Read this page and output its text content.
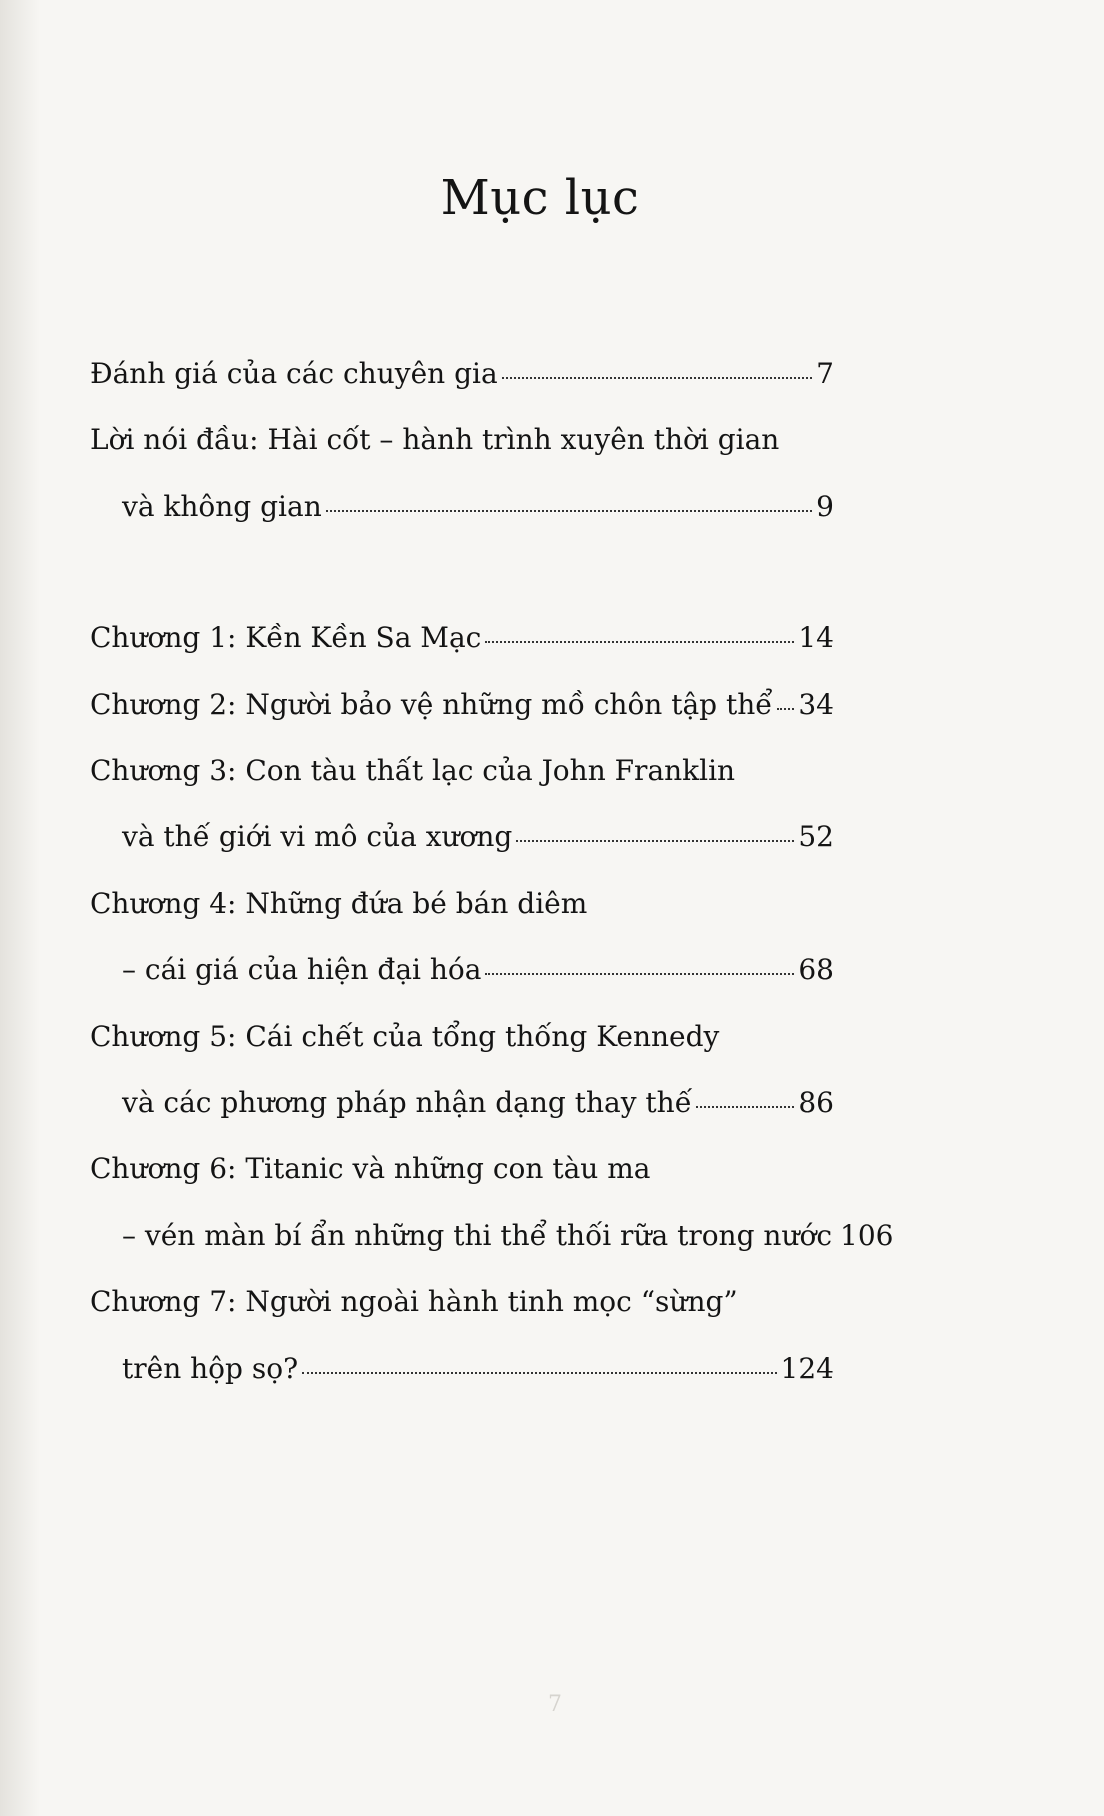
Mục lục
Đánh giá của các chuyên gia	7
Lời nói đầu: Hài cốt – hành trình xuyên thời gian
và không gian	9
Chương 1: Kền Kền Sa Mạc	14
Chương 2: Người bảo vệ những mồ chôn tập thể 34
Chương 3: Con tàu thất lạc của John Franklin
và thế giới vi mô của xương	52
Chương 4: Những đứa bé bán diêm
– cái giá của hiện đại hóa	68
Chương 5: Cái chết của tổng thống Kennedy
và các phương pháp nhận dạng thay thế	86
Chương 6: Titanic và những con tàu ma
– vén màn bí ẩn những thi thể thối rữa trong nước 106
Chương 7: Người ngoài hành tinh mọc “sừng”
trên hộp sọ?	124
7
